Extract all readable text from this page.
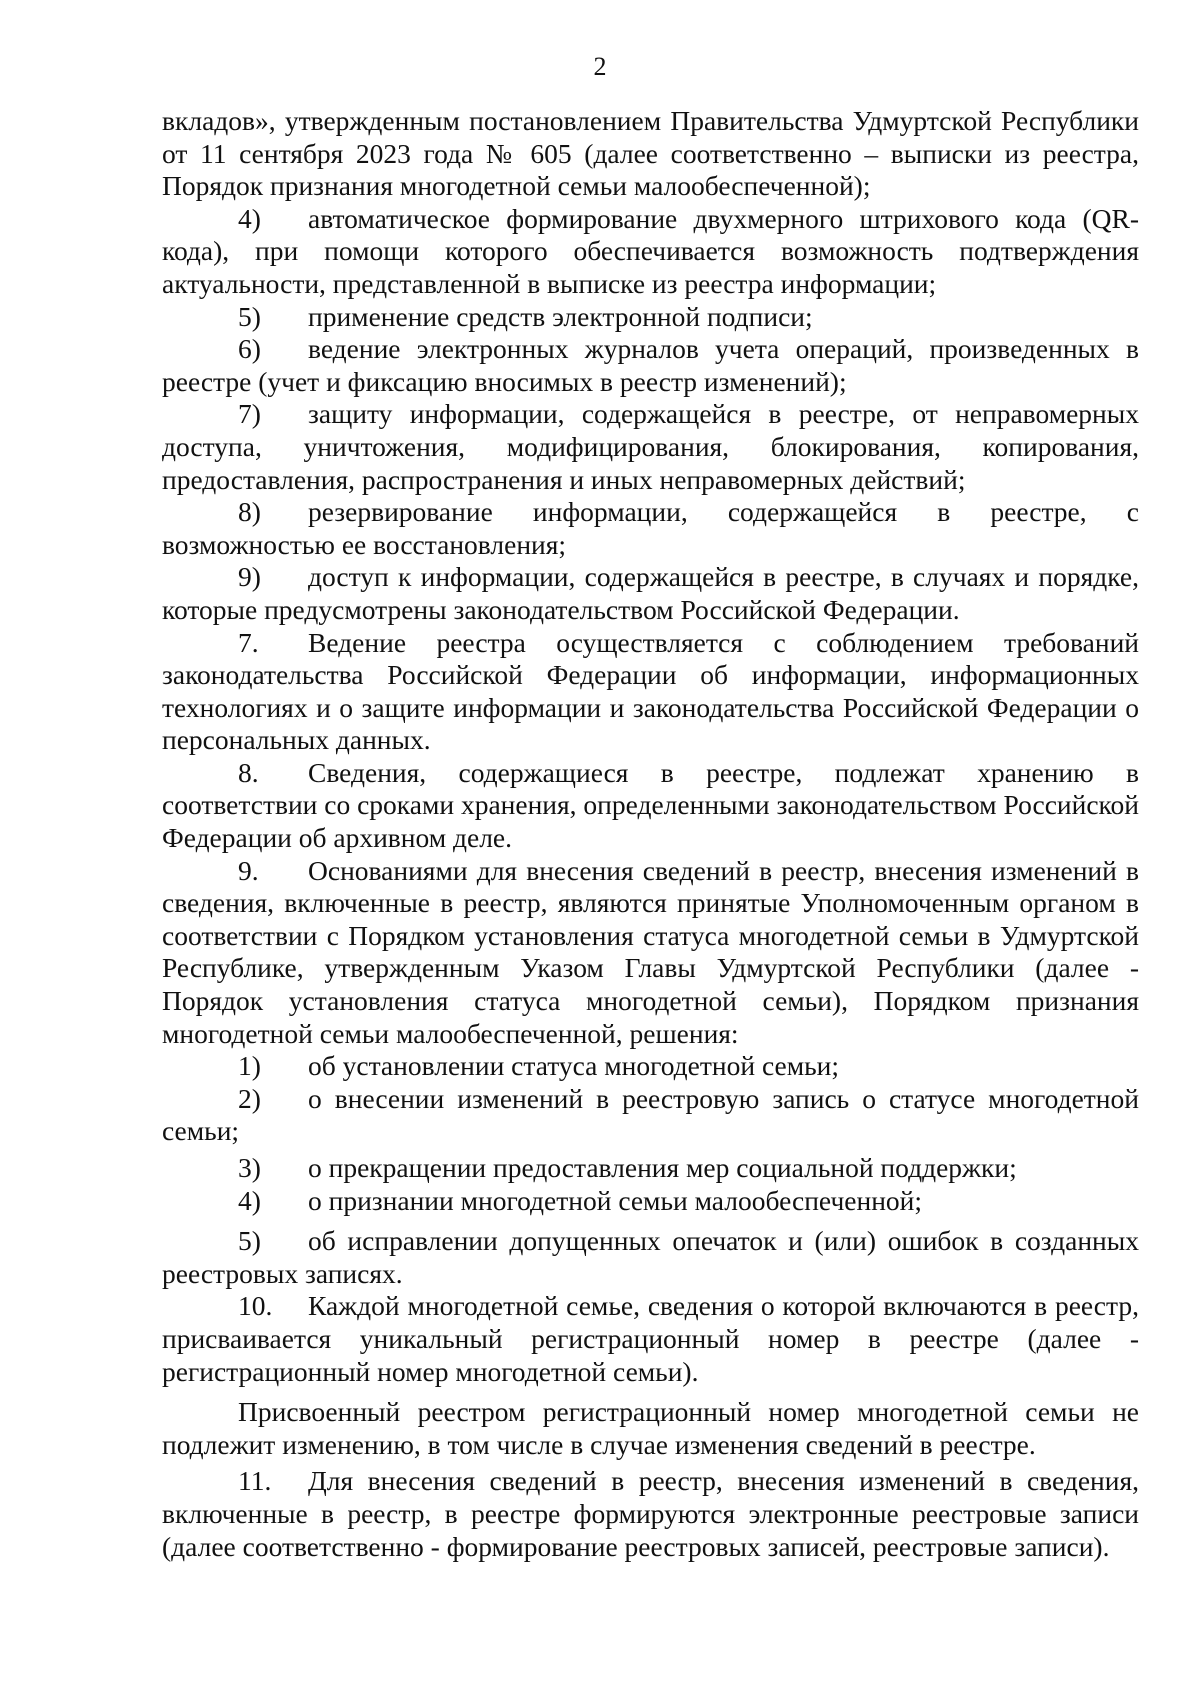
2

вкладов», утвержденным постановлением Правительства Удмуртской Республики от 11 сентября 2023 года № 605 (далее соответственно – выписки из реестра, Порядок признания многодетной семьи малообеспеченной);

4) автоматическое формирование двухмерного штрихового кода (QR-кода), при помощи которого обеспечивается возможность подтверждения актуальности, представленной в выписке из реестра информации;

5) применение средств электронной подписи;

6) ведение электронных журналов учета операций, произведенных в реестре (учет и фиксацию вносимых в реестр изменений);

7) защиту информации, содержащейся в реестре, от неправомерных доступа, уничтожения, модифицирования, блокирования, копирования, предоставления, распространения и иных неправомерных действий;

8) резервирование информации, содержащейся в реестре, с возможностью ее восстановления;

9) доступ к информации, содержащейся в реестре, в случаях и порядке, которые предусмотрены законодательством Российской Федерации.

7. Ведение реестра осуществляется с соблюдением требований законодательства Российской Федерации об информации, информационных технологиях и о защите информации и законодательства Российской Федерации о персональных данных.

8. Сведения, содержащиеся в реестре, подлежат хранению в соответствии со сроками хранения, определенными законодательством Российской Федерации об архивном деле.

9. Основаниями для внесения сведений в реестр, внесения изменений в сведения, включенные в реестр, являются принятые Уполномоченным органом в соответствии с Порядком установления статуса многодетной семьи в Удмуртской Республике, утвержденным Указом Главы Удмуртской Республики (далее - Порядок установления статуса многодетной семьи), Порядком признания многодетной семьи малообеспеченной, решения:

1) об установлении статуса многодетной семьи;

2) о внесении изменений в реестровую запись о статусе многодетной семьи;

3) о прекращении предоставления мер социальной поддержки;

4) о признании многодетной семьи малообеспеченной;

5) об исправлении допущенных опечаток и (или) ошибок в созданных реестровых записях.

10. Каждой многодетной семье, сведения о которой включаются в реестр, присваивается уникальный регистрационный номер в реестре (далее - регистрационный номер многодетной семьи).

Присвоенный реестром регистрационный номер многодетной семьи не подлежит изменению, в том числе в случае изменения сведений в реестре.

11. Для внесения сведений в реестр, внесения изменений в сведения, включенные в реестр, в реестре формируются электронные реестровые записи (далее соответственно - формирование реестровых записей, реестровые записи).
